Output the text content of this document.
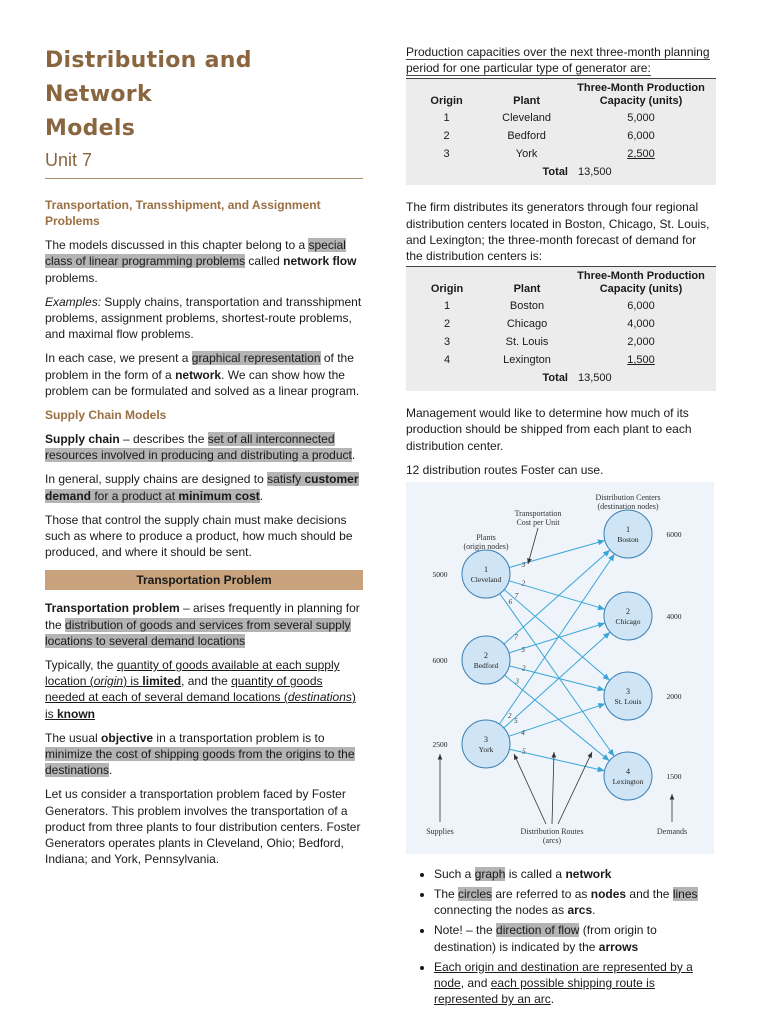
Distribution and Network
Models
Unit 7
Transportation, Transshipment, and Assignment Problems

The models discussed in this chapter belong to a special class of linear programming problems called network flow problems.

Examples: Supply chains, transportation and transshipment problems, assignment problems, shortest-route problems, and maximal flow problems.

In each case, we present a graphical representation of the problem in the form of a network. We can show how the problem can be formulated and solved as a linear program.

Supply Chain Models

Supply chain – describes the set of all interconnected resources involved in producing and distributing a product.

In general, supply chains are designed to satisfy customer demand for a product at minimum cost.

Those that control the supply chain must make decisions such as where to produce a product, how much should be produced, and where it should be sent.

Transportation Problem

Transportation problem – arises frequently in planning for the distribution of goods and services from several supply locations to several demand locations

Typically, the quantity of goods available at each supply location (origin) is limited, and the quantity of goods needed at each of several demand locations (destinations) is known

The usual objective in a transportation problem is to minimize the cost of shipping goods from the origins to the destinations.

Let us consider a transportation problem faced by Foster Generators. This problem involves the transportation of a product from three plants to four distribution centers. Foster Generators operates plants in Cleveland, Ohio; Bedford, Indiana; and York, Pennsylvania.

Production capacities over the next three-month planning period for one particular type of generator are:

Origin	Plant	Three-Month Production Capacity (units)
1	Cleveland	5,000
2	Bedford	6,000
3	York	2,500
	Total	13,500

The firm distributes its generators through four regional distribution centers located in Boston, Chicago, St. Louis, and Lexington; the three-month forecast of demand for the distribution centers is:

Origin	Plant	Three-Month Production Capacity (units)
1	Boston	6,000
2	Chicago	4,000
3	St. Louis	2,000
4	Lexington	1,500
	Total	13,500

Management would like to determine how much of its production should be shipped from each plant to each distribution center.

12 distribution routes Foster can use.

3
2
7
6
7
5
2
3
2
5
4
5
1
Cleveland
5000
2
Bedford
6000
3
York
2500
1
Boston
6000
2
Chicago
4000
3
St. Louis
2000
4
Lexington
1500
Distribution Centers
(destination nodes)
Transportation
Cost per Unit
Plants
(origin nodes)
Supplies	Distribution Routes
(arcs)
Demands
• Such a graph is called a network
• The circles are referred to as nodes and the lines connecting the nodes as arcs.
• Note! – the direction of flow (from origin to destination) is indicated by the arrows
• Each origin and destination are represented by a node, and each possible shipping route is represented by an arc.
